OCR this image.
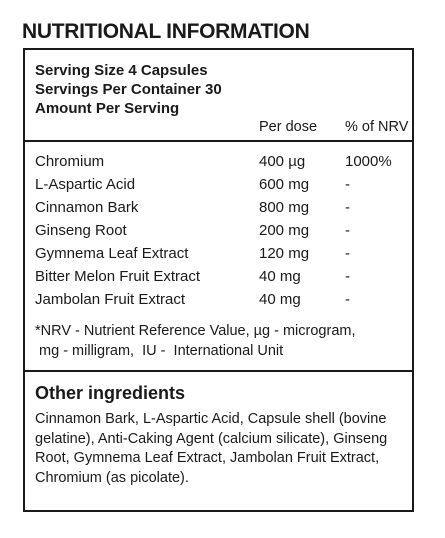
NUTRITIONAL INFORMATION
Serving Size 4 Capsules
Servings Per Container 30
Amount Per Serving
Per dose % of NRV
Chromium	400 µg	1000%
L-Aspartic Acid	600 mg -
Cinnamon Bark	800 mg -
Ginseng Root	200 mg -
Gymnema Leaf Extract	120 mg -
Bitter Melon Fruit Extract	40 mg	-
Jambolan Fruit Extract	40 mg	-
*NRV - Nutrient Reference Value, µg - microgram,
mg - milligram,  IU -  International Unit
Other ingredients
Cinnamon Bark, L-Aspartic Acid, Capsule shell (bovine gelatine), Anti-Caking Agent (calcium silicate), Ginseng Root, Gymnema Leaf Extract, Jambolan Fruit Extract, Chromium (as picolate).
